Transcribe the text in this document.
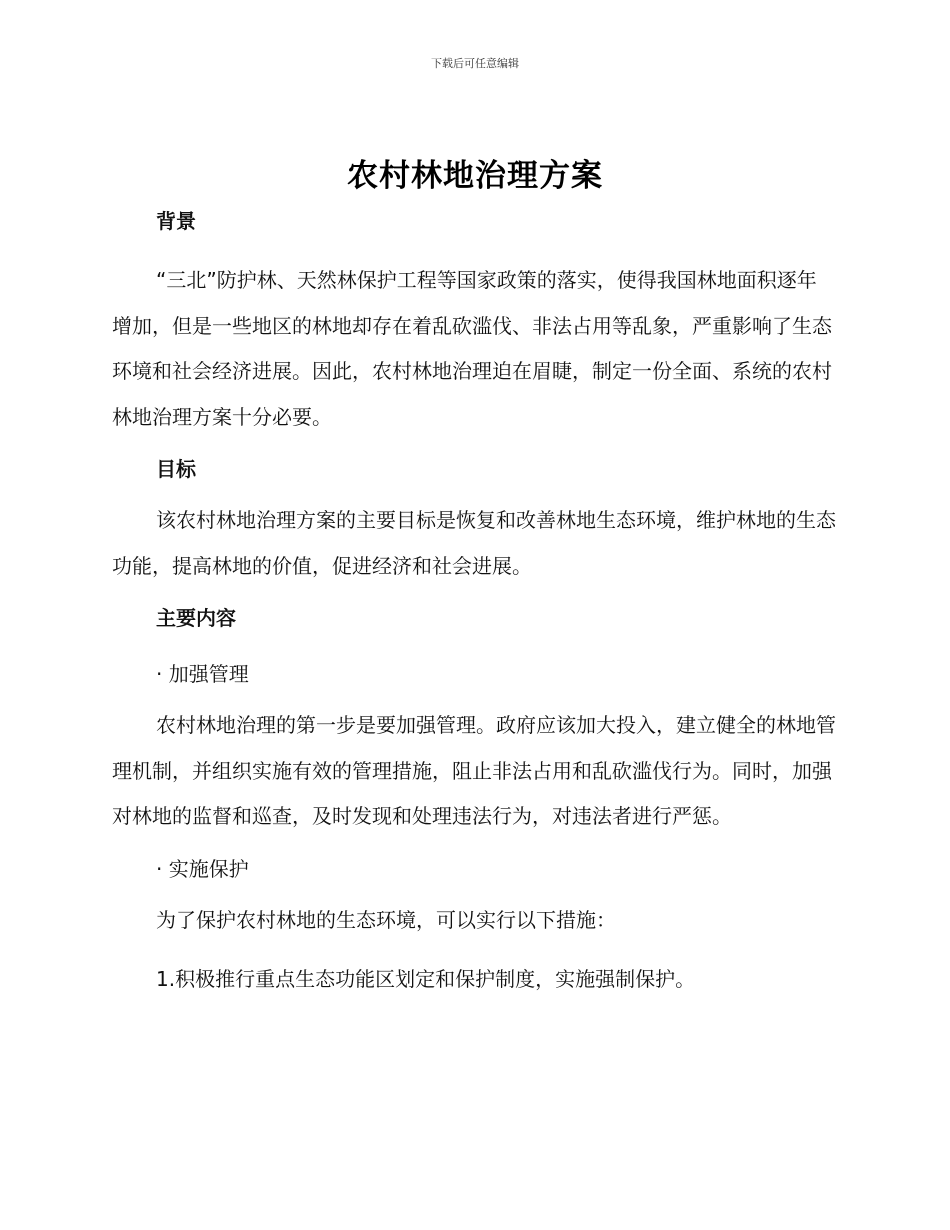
下载后可任意编辑
农村林地治理方案
背景

“三北”防护林、天然林保护工程等国家政策的落实，使得我国林地面积逐年增加，但是一些地区的林地却存在着乱砍滥伐、非法占用等乱象，严重影响了生态环境和社会经济进展。因此，农村林地治理迫在眉睫，制定一份全面、系统的农村林地治理方案十分必要。

目标

该农村林地治理方案的主要目标是恢复和改善林地生态环境，维护林地的生态功能，提高林地的价值，促进经济和社会进展。

主要内容
· 加强管理

农村林地治理的第一步是要加强管理。政府应该加大投入，建立健全的林地管理机制，并组织实施有效的管理措施，阻止非法占用和乱砍滥伐行为。同时，加强对林地的监督和巡查，及时发现和处理违法行为，对违法者进行严惩。

· 实施保护

为了保护农村林地的生态环境，可以实行以下措施：

1.积极推行重点生态功能区划定和保护制度，实施强制保护。
